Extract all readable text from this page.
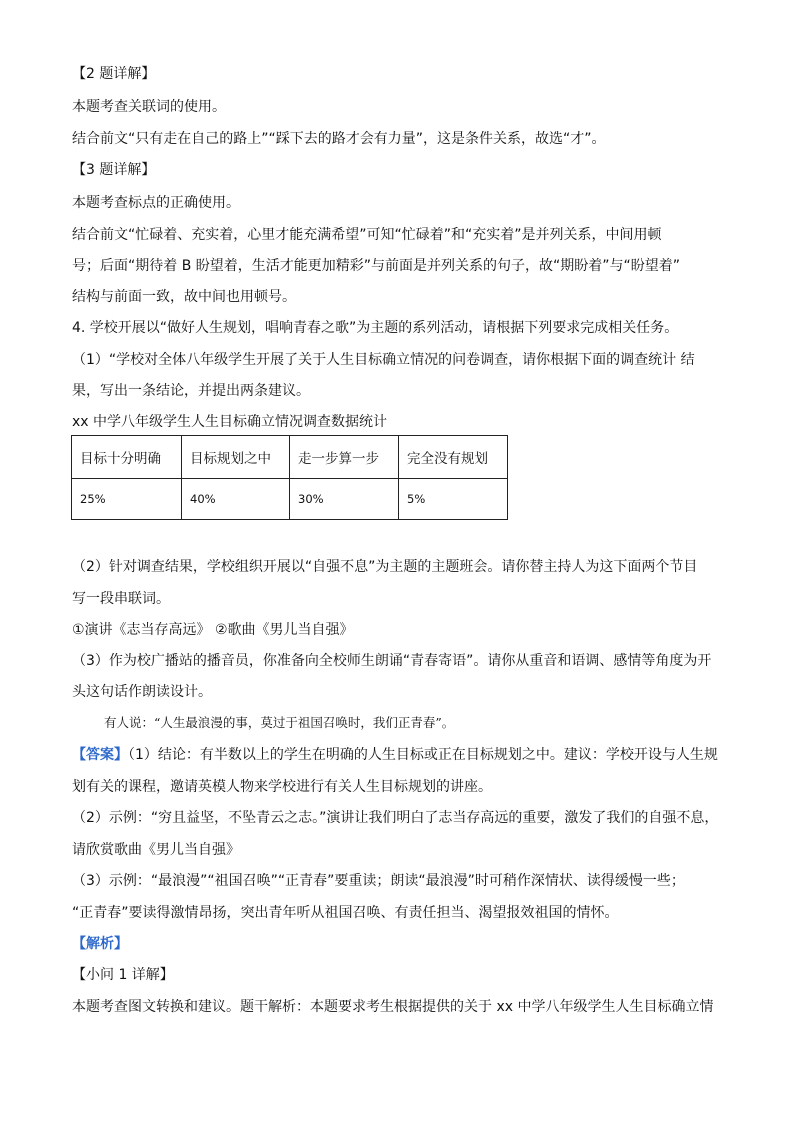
【2 题详解】
本题考查关联词的使用。
结合前文“只有走在自己的路上”“踩下去的路才会有力量”，这是条件关系，故选“才”。
【3 题详解】
本题考查标点的正确使用。
结合前文“忙碌着、充实着，心里才能充满希望”可知“忙碌着”和“充实着”是并列关系，中间用顿
号；后面“期待着 B 盼望着，生活才能更加精彩”与前面是并列关系的句子，故“期盼着”与“盼望着”
结构与前面一致，故中间也用顿号。
4. 学校开展以“做好人生规划，唱响青春之歌”为主题的系列活动，请根据下列要求完成相关任务。
（1）“学校对全体八年级学生开展了关于人生目标确立情况的问卷调查，请你根据下面的调查统计 结
果，写出一条结论，并提出两条建议。
xx 中学八年级学生人生目标确立情况调查数据统计
目标十分明确	目标规划之中	走一步算一步	完全没有规划
25%	40%	30%	5%
（2）针对调查结果，学校组织开展以“自强不息”为主题的主题班会。请你替主持人为这下面两个节目
写一段串联词。
①演讲《志当存高远》 ②歌曲《男儿当自强》
（3）作为校广播站的播音员，你准备向全校师生朗诵“青春寄语”。请你从重音和语调、感情等角度为开
头这句话作朗读设计。
有人说：“人生最浪漫的事，莫过于祖国召唤时，我们正青春”。
【答案】（1）结论：有半数以上的学生在明确的人生目标或正在目标规划之中。建议：学校开设与人生规
划有关的课程，邀请英模人物来学校进行有关人生目标规划的讲座。
（2）示例：“穷且益坚，不坠青云之志。”演讲让我们明白了志当存高远的重要，激发了我们的自强不息，
请欣赏歌曲《男儿当自强》
（3）示例：“最浪漫”“祖国召唤”“正青春”要重读；朗读“最浪漫”时可稍作深情状、读得缓慢一些；
“正青春”要读得激情昂扬，突出青年听从祖国召唤、有责任担当、渴望报效祖国的情怀。
【解析】
【小问 1 详解】
本题考查图文转换和建议。题干解析：本题要求考生根据提供的关于 xx 中学八年级学生人生目标确立情
